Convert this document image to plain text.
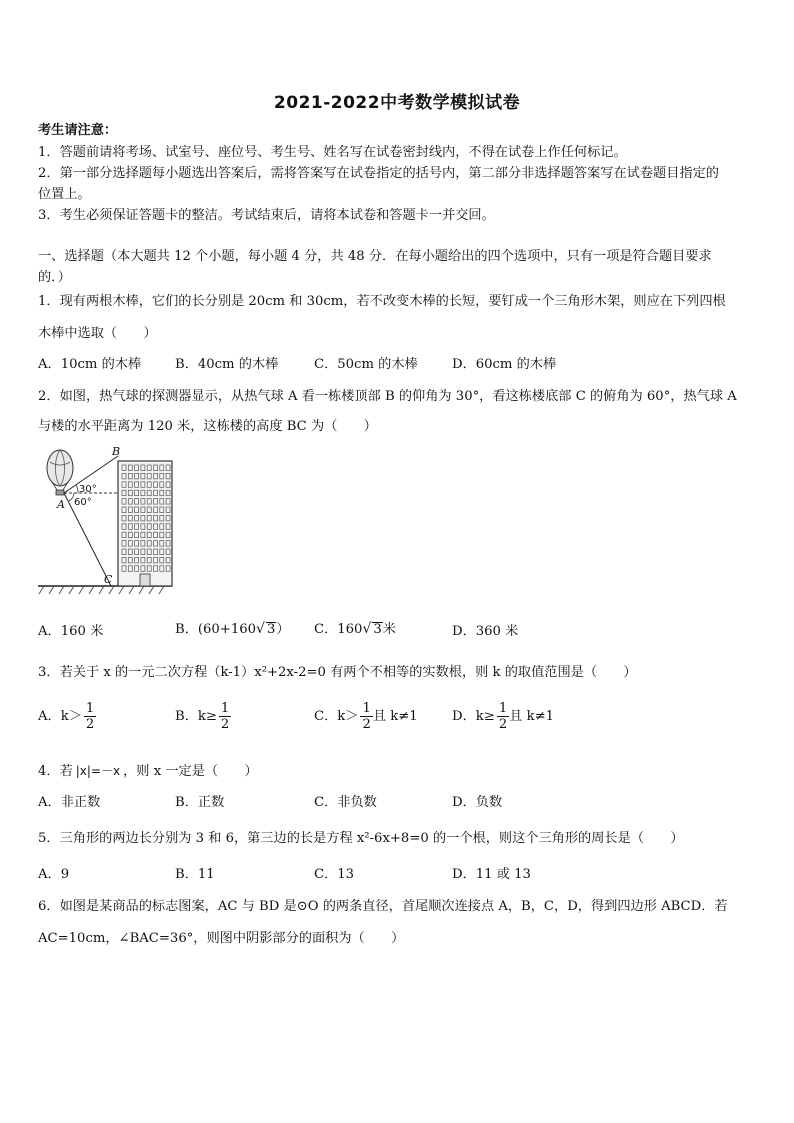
2021-2022中考数学模拟试卷
考生请注意：
1．答题前请将考场、试室号、座位号、考生号、姓名写在试卷密封线内，不得在试卷上作任何标记。
2．第一部分选择题每小题选出答案后，需将答案写在试卷指定的括号内，第二部分非选择题答案写在试卷题目指定的
位置上。
3．考生必须保证答题卡的整洁。考试结束后，请将本试卷和答题卡一并交回。
一、选择题（本大题共 12 个小题，每小题 4 分，共 48 分．在每小题给出的四个选项中，只有一项是符合题目要求
的．）
1．现有两根木棒，它们的长分别是 20cm 和 30cm，若不改变木棒的长短，要钉成一个三角形木架，则应在下列四根
木棒中选取（　　）
A．10cm 的木棒	B．40cm 的木棒	C．50cm 的木棒	D．60cm 的木棒
2．如图，热气球的探测器显示，从热气球 A 看一栋楼顶部 B 的仰角为 30°，看这栋楼底部 C 的俯角为 60°，热气球 A
与楼的水平距离为 120 米，这栋楼的高度 BC 为（　　）
B
A
C
30°
60°
A．160 米	B．(60+160√ 3） C．160√ 3米	D．360 米
3．若关于 x 的一元二次方程（k-1）x²+2x-2=0 有两个不相等的实数根，则 k 的取值范围是（　　）
A．$k> \frac{1}{2}$	B．$k\ge \frac{1}{2}$	C．$k> \frac{1}{2}$ 且 k≠1	D．$k\ge \frac{1}{2}$ 且 k≠1
4．若 |x|=－x ，则 x 一定是（　　）
A．非正数	B．正数	C．非负数	D．负数
5．三角形的两边长分别为 3 和 6，第三边的长是方程 x²-6x+8=0 的一个根，则这个三角形的周长是（　　）
A．9	B．11	C．13	D．11 或 13
6．如图是某商品的标志图案，AC 与 BD 是⊙O 的两条直径，首尾顺次连接点 A，B，C，D，得到四边形 ABCD．若
AC=10cm，∠BAC=36°，则图中阴影部分的面积为（　　）
